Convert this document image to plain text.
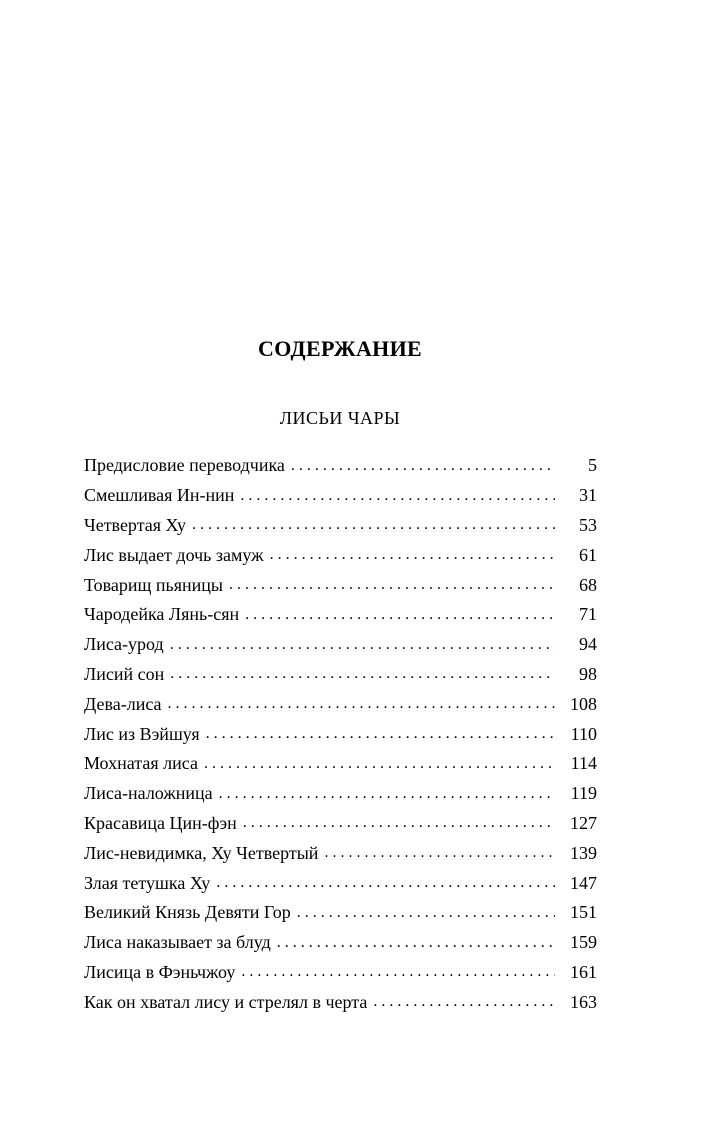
СОДЕРЖАНИЕ
ЛИСЬИ ЧАРЫ
Предисловие переводчика . . .	5
Смешливая Ин-нин . . .	31
Четвертая Ху . . .	53
Лис выдает дочь замуж . . .	61
Товарищ пьяницы . . .	68
Чародейка Лянь-сян . . .	71
Лиса-урод . . .	94
Лисий сон . . .	98
Дева-лиса . . .	108
Лис из Вэйшуя . . .	110
Мохнатая лиса . . .	114
Лиса-наложница . . .	119
Красавица Цин-фэн . . .	127
Лис-невидимка, Ху Четвертый . . .	139
Злая тетушка Ху . . .	147
Великий Князь Девяти Гор . . .	151
Лиса наказывает за блуд . . .	159
Лисица в Фэньчжоу . . .	161
Как он хватал лису и стрелял в черта . . .	163
